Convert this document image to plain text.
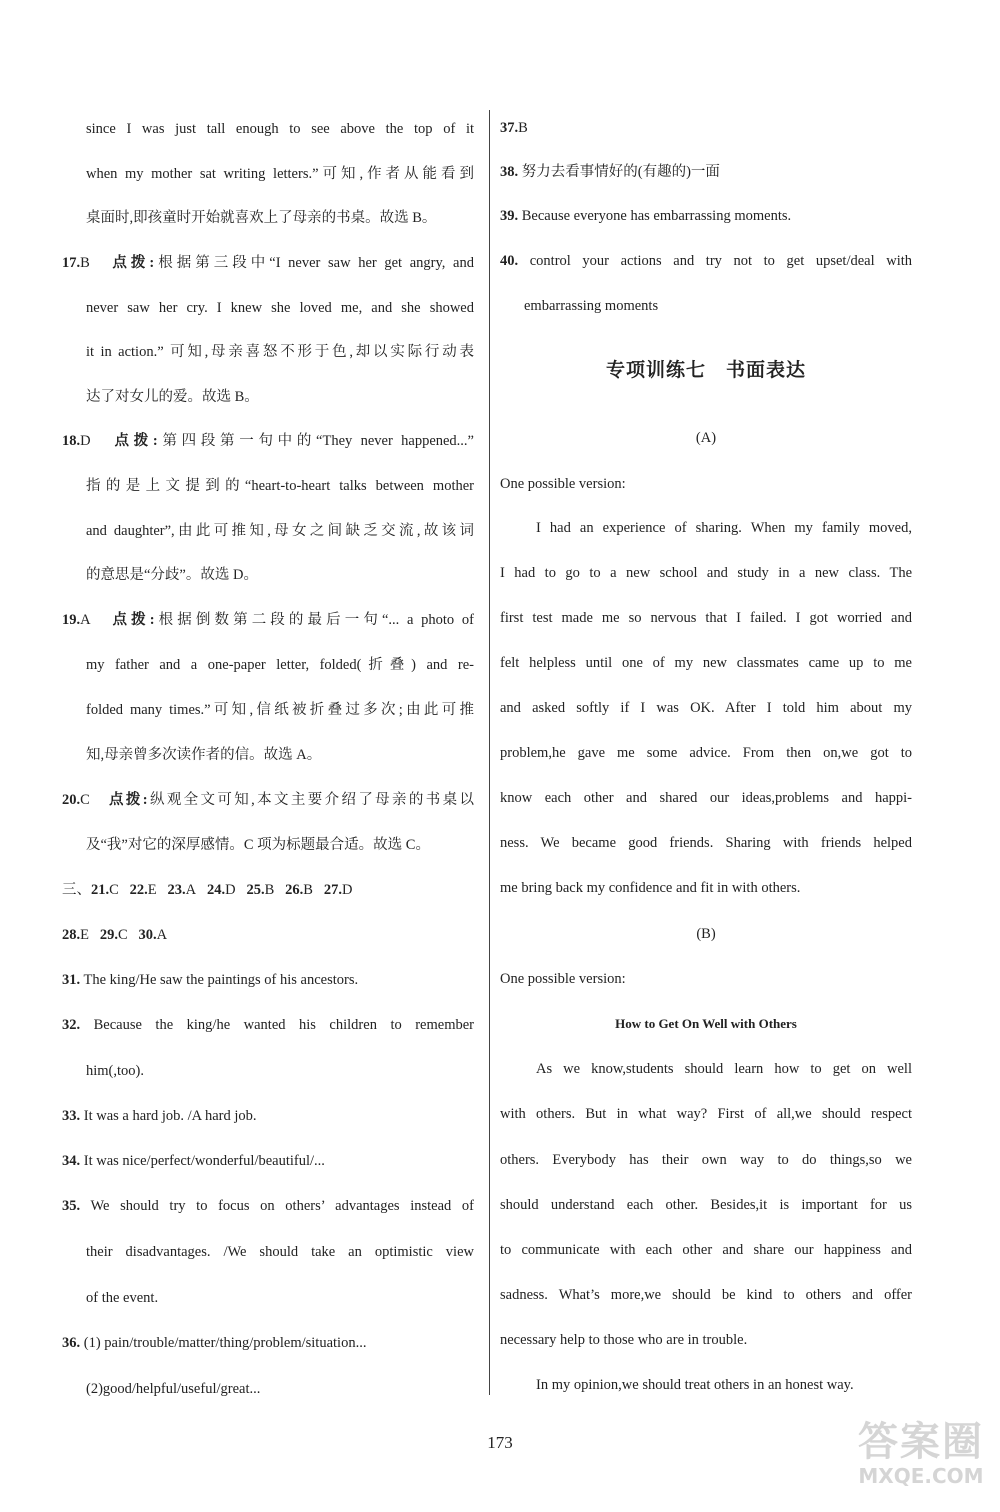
since I was just tall enough to see above the top of it
when my mother sat writing letters.”可知,作者从能看到
桌面时,即孩童时开始就喜欢上了母亲的书桌。故选 B。
17.B　 点拨:根据第三段中“I never saw her get angry, and
never saw her cry. I knew she loved me, and she showed
it in action.” 可知,母亲喜怒不形于色,却以实际行动表
达了对女儿的爱。故选 B。
18.D　 点拨:第四段第一句中的“They never happened...”
指的是上文提到的“heart-to-heart talks between mother
and daughter”,由此可推知,母女之间缺乏交流,故该词
的意思是“分歧”。故选 D。
19.A　 点拨:根据倒数第二段的最后一句“... a photo of
my father and a one-paper letter, folded(折叠) and re-
folded many times.”可知,信纸被折叠过多次;由此可推
知,母亲曾多次读作者的信。故选 A。
20.C　 点拨:纵观全文可知,本文主要介绍了母亲的书桌以
及“我”对它的深厚感情。C 项为标题最合适。故选 C。
三、21.C 22.E 23.A 24.D 25.B 26.B 27.D
28.E 29.C 30.A
31. The king/He saw the paintings of his ancestors.
32. Because the king/he wanted his children to remember
him(,too).
33. It was a hard job. /A hard job.
34. It was nice/perfect/wonderful/beautiful/...
35. We should try to focus on others’ advantages instead of
their disadvantages. /We should take an optimistic view
of the event.
36. (1) pain/trouble/matter/thing/problem/situation...
(2)good/helpful/useful/great...
37.B
38. 努力去看事情好的(有趣的)一面
39. Because everyone has embarrassing moments.
40. control your actions and try not to get upset/deal with
embarrassing moments
专项训练七　书面表达
(A)
One possible version:
I had an experience of sharing. When my family moved,
I had to go to a new school and study in a new class. The
first test made me so nervous that I failed. I got worried and
felt helpless until one of my new classmates came up to me
and asked softly if I was OK. After I told him about my
problem,he gave me some advice. From then on,we got to
know each other and shared our ideas,problems and happi-
ness. We became good friends. Sharing with friends helped
me bring back my confidence and fit in with others.
(B)
One possible version:
How to Get On Well with Others
As we know,students should learn how to get on well
with others. But in what way? First of all,we should respect
others. Everybody has their own way to do things,so we
should understand each other. Besides,it is important for us
to communicate with each other and share our happiness and
sadness. What’s more,we should be kind to others and offer
necessary help to those who are in trouble.
In my opinion,we should treat others in an honest way.
173	答案圈
MXQE.COM
